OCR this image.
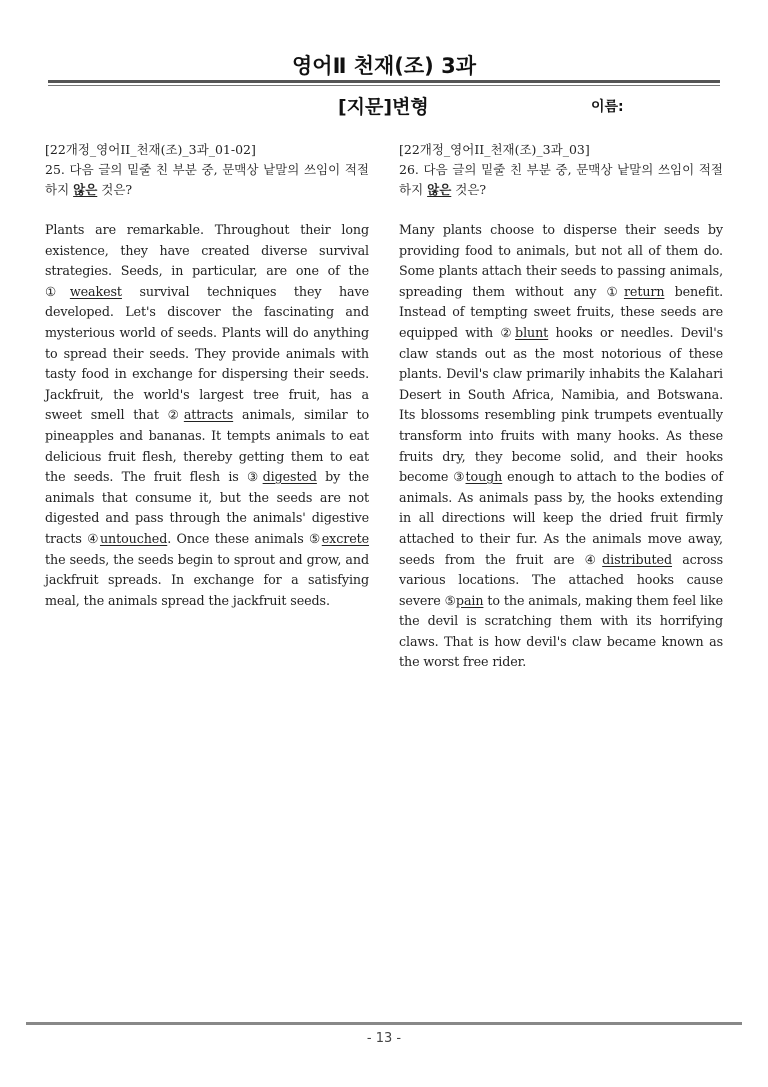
영어Ⅱ 천재(조) 3과
[지문]변형	이름:
[22개정_영어II_천재(조)_3과_01-02]
25. 다음 글의 밑줄 친 부분 중, 문맥상 낱말의 쓰임이 적절하지 않은 것은?
Plants are remarkable. Throughout their long existence, they have created diverse survival strategies. Seeds, in particular, are one of the ①weakest survival techniques they have developed. Let's discover the fascinating and mysterious world of seeds. Plants will do anything to spread their seeds. They provide animals with tasty food in exchange for dispersing their seeds. Jackfruit, the world's largest tree fruit, has a sweet smell that ②attracts animals, similar to pineapples and bananas. It tempts animals to eat delicious fruit flesh, thereby getting them to eat the seeds. The fruit flesh is ③digested by the animals that consume it, but the seeds are not digested and pass through the animals' digestive tracts ④untouched. Once these animals ⑤excrete the seeds, the seeds begin to sprout and grow, and jackfruit spreads. In exchange for a satisfying meal, the animals spread the jackfruit seeds.
[22개정_영어II_천재(조)_3과_03]
26. 다음 글의 밑줄 친 부분 중, 문맥상 낱말의 쓰임이 적절하지 않은 것은?
Many plants choose to disperse their seeds by providing food to animals, but not all of them do. Some plants attach their seeds to passing animals, spreading them without any ①return benefit. Instead of tempting sweet fruits, these seeds are equipped with ②blunt hooks or needles. Devil's claw stands out as the most notorious of these plants. Devil's claw primarily inhabits the Kalahari Desert in South Africa, Namibia, and Botswana. Its blossoms resembling pink trumpets eventually transform into fruits with many hooks. As these fruits dry, they become solid, and their hooks become ③tough enough to attach to the bodies of animals. As animals pass by, the hooks extending in all directions will keep the dried fruit firmly attached to their fur. As the animals move away, seeds from the fruit are ④distributed across various locations. The attached hooks cause severe ⑤pain to the animals, making them feel like the devil is scratching them with its horrifying claws. That is how devil's claw became known as the worst free rider.
- 13 -
